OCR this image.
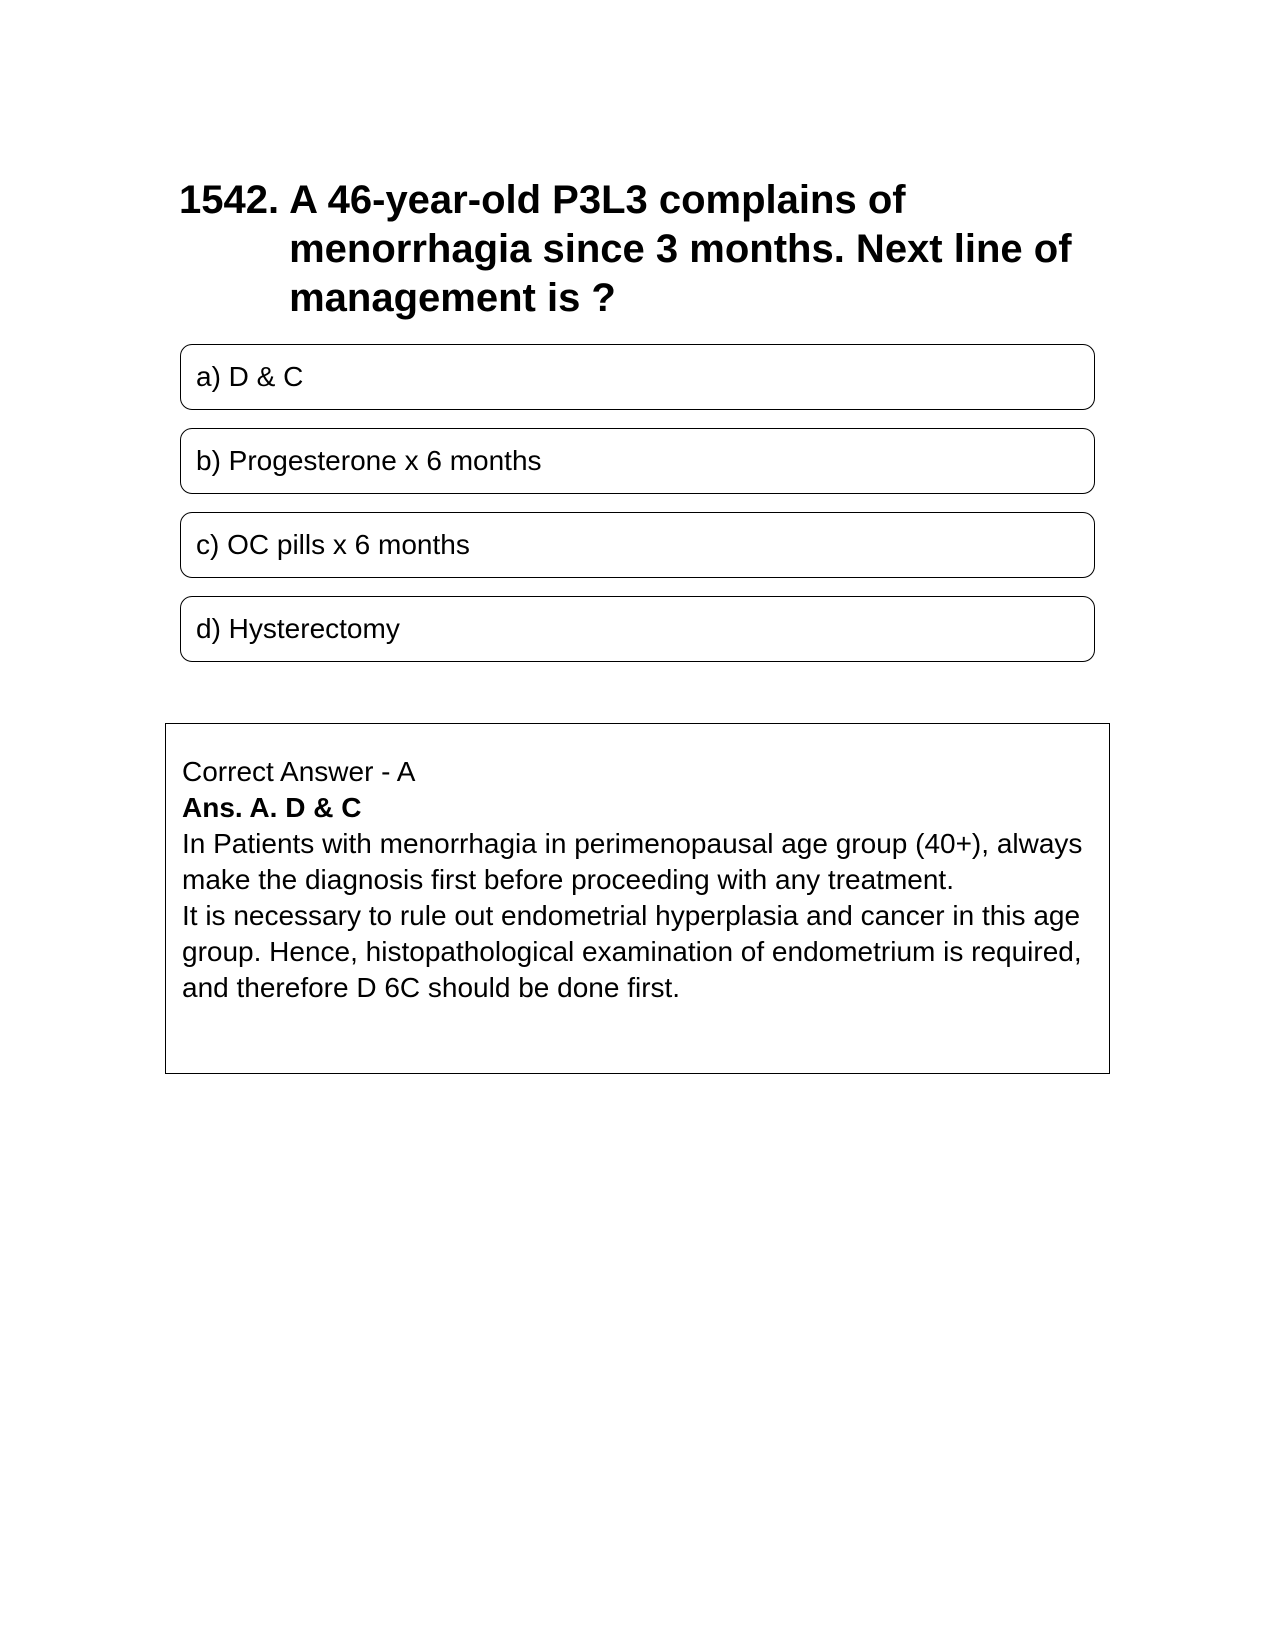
1542. A 46-year-old P3L3 complains of menorrhagia since 3 months. Next line of management is ?
a) D & C
b) Progesterone x 6 months
c) OC pills x 6 months
d) Hysterectomy
Correct Answer - A
Ans. A. D & C
In Patients with menorrhagia in perimenopausal age group (40+), always make the diagnosis first before proceeding with any treatment.
It is necessary to rule out endometrial hyperplasia and cancer in this age group. Hence, histopathological examination of endometrium is required, and therefore D 6C should be done first.
